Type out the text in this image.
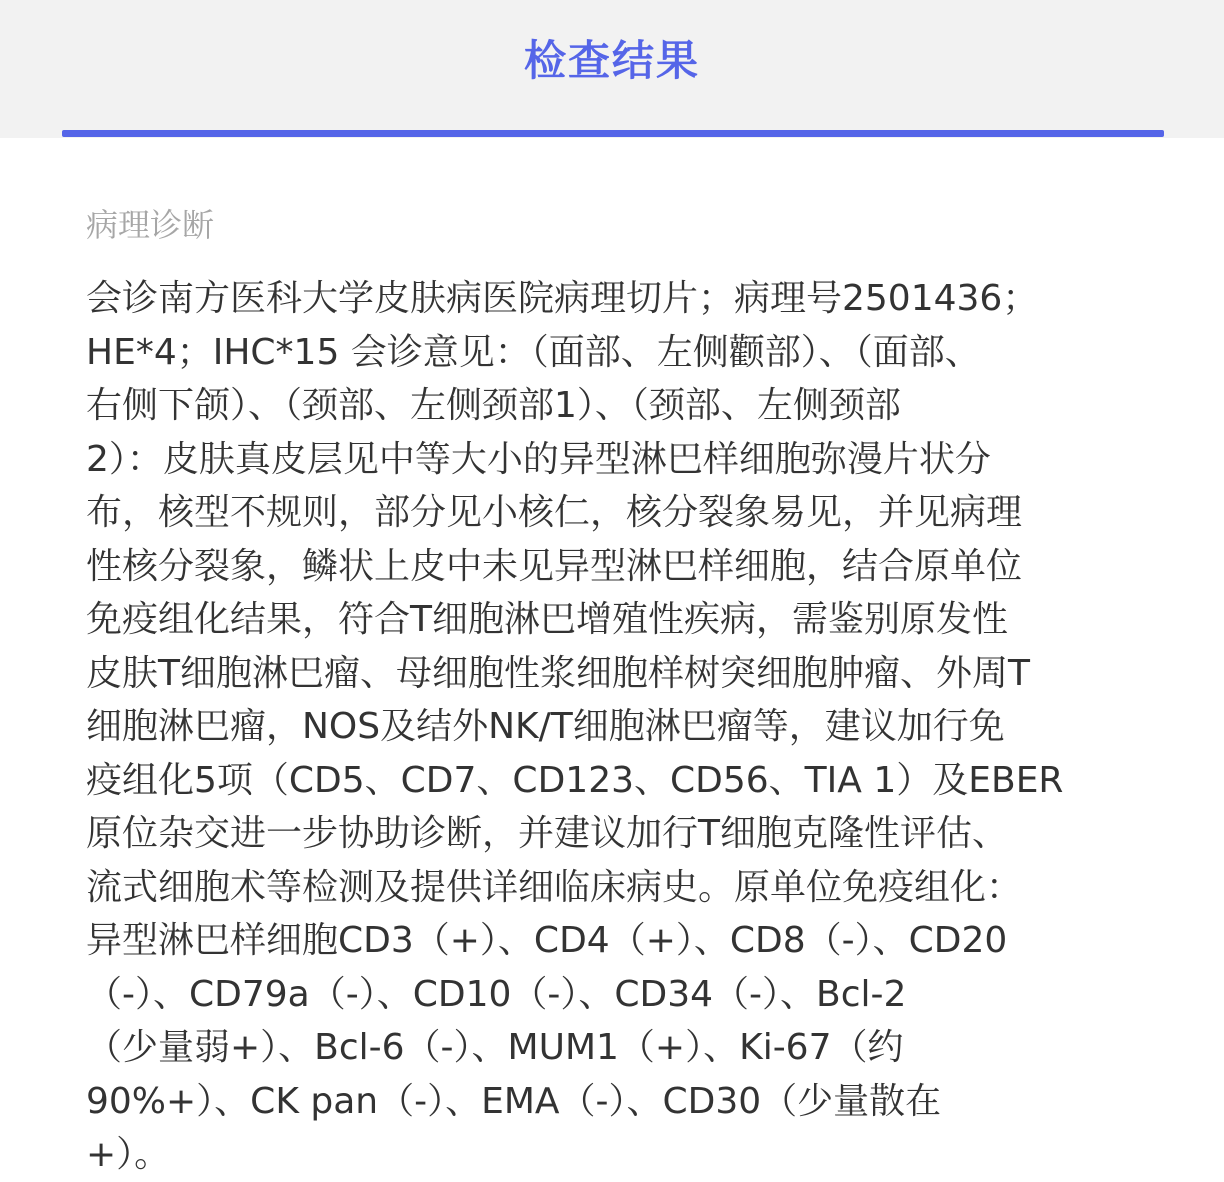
检查结果
病理诊断
会诊南方医科大学皮肤病医院病理切片；病理号2501436；
HE*4；IHC*15 会诊意见：（面部、左侧颧部）、（面部、
右侧下颌）、（颈部、左侧颈部1）、（颈部、左侧颈部
2）：皮肤真皮层见中等大小的异型淋巴样细胞弥漫片状分
布，核型不规则，部分见小核仁，核分裂象易见，并见病理
性核分裂象，鳞状上皮中未见异型淋巴样细胞，结合原单位
免疫组化结果，符合T细胞淋巴增殖性疾病，需鉴别原发性
皮肤T细胞淋巴瘤、母细胞性浆细胞样树突细胞肿瘤、外周T
细胞淋巴瘤，NOS及结外NK/T细胞淋巴瘤等，建议加行免
疫组化5项（CD5、CD7、CD123、CD56、TIA 1）及EBER
原位杂交进一步协助诊断，并建议加行T细胞克隆性评估、
流式细胞术等检测及提供详细临床病史。原单位免疫组化：
异型淋巴样细胞CD3（+）、CD4（+）、CD8（-）、CD20
（-）、CD79a（-）、CD10（-）、CD34（-）、Bcl-2
（少量弱+）、Bcl-6（-）、MUM1（+）、Ki-67（约
90%+）、CK pan（-）、EMA（-）、CD30（少量散在
+）。
